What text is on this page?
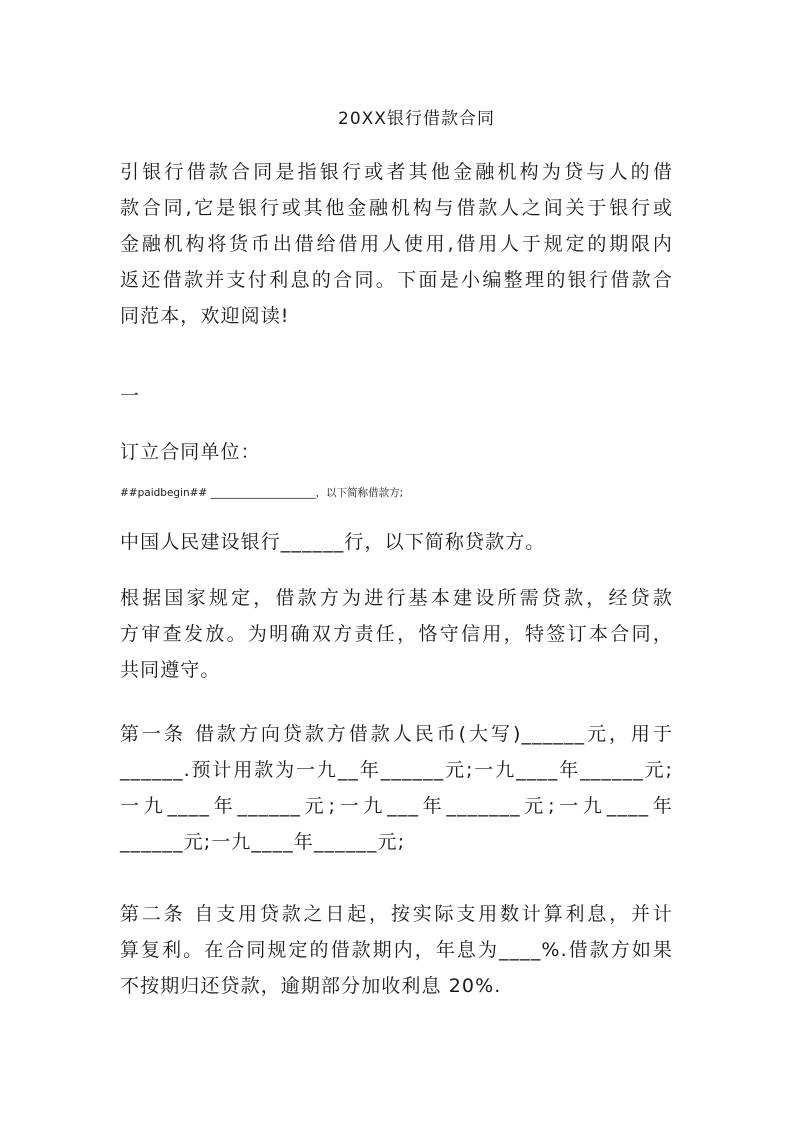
20XX银行借款合同
引银行借款合同是指银行或者其他金融机构为贷与人的借
款合同,它是银行或其他金融机构与借款人之间关于银行或
金融机构将货币出借给借用人使用,借用人于规定的期限内
返还借款并支付利息的合同。下面是小编整理的银行借款合
同范本，欢迎阅读!
一
订立合同单位：
##paidbegin## ____________________，以下简称借款方;
中国人民建设银行______行，以下简称贷款方。
根据国家规定，借款方为进行基本建设所需贷款，经贷款
方审查发放。为明确双方责任，恪守信用，特签订本合同，
共同遵守。
第一条 借款方向贷款方借款人民币(大写)______元，用于
______.预计用款为一九__年______元;一九____年______元;
一九____年______元;一九___年_______元;一九____年
______元;一九____年______元;
第二条 自支用贷款之日起，按实际支用数计算利息，并计
算复利。在合同规定的借款期内，年息为____%.借款方如果
不按期归还贷款，逾期部分加收利息 20%.
